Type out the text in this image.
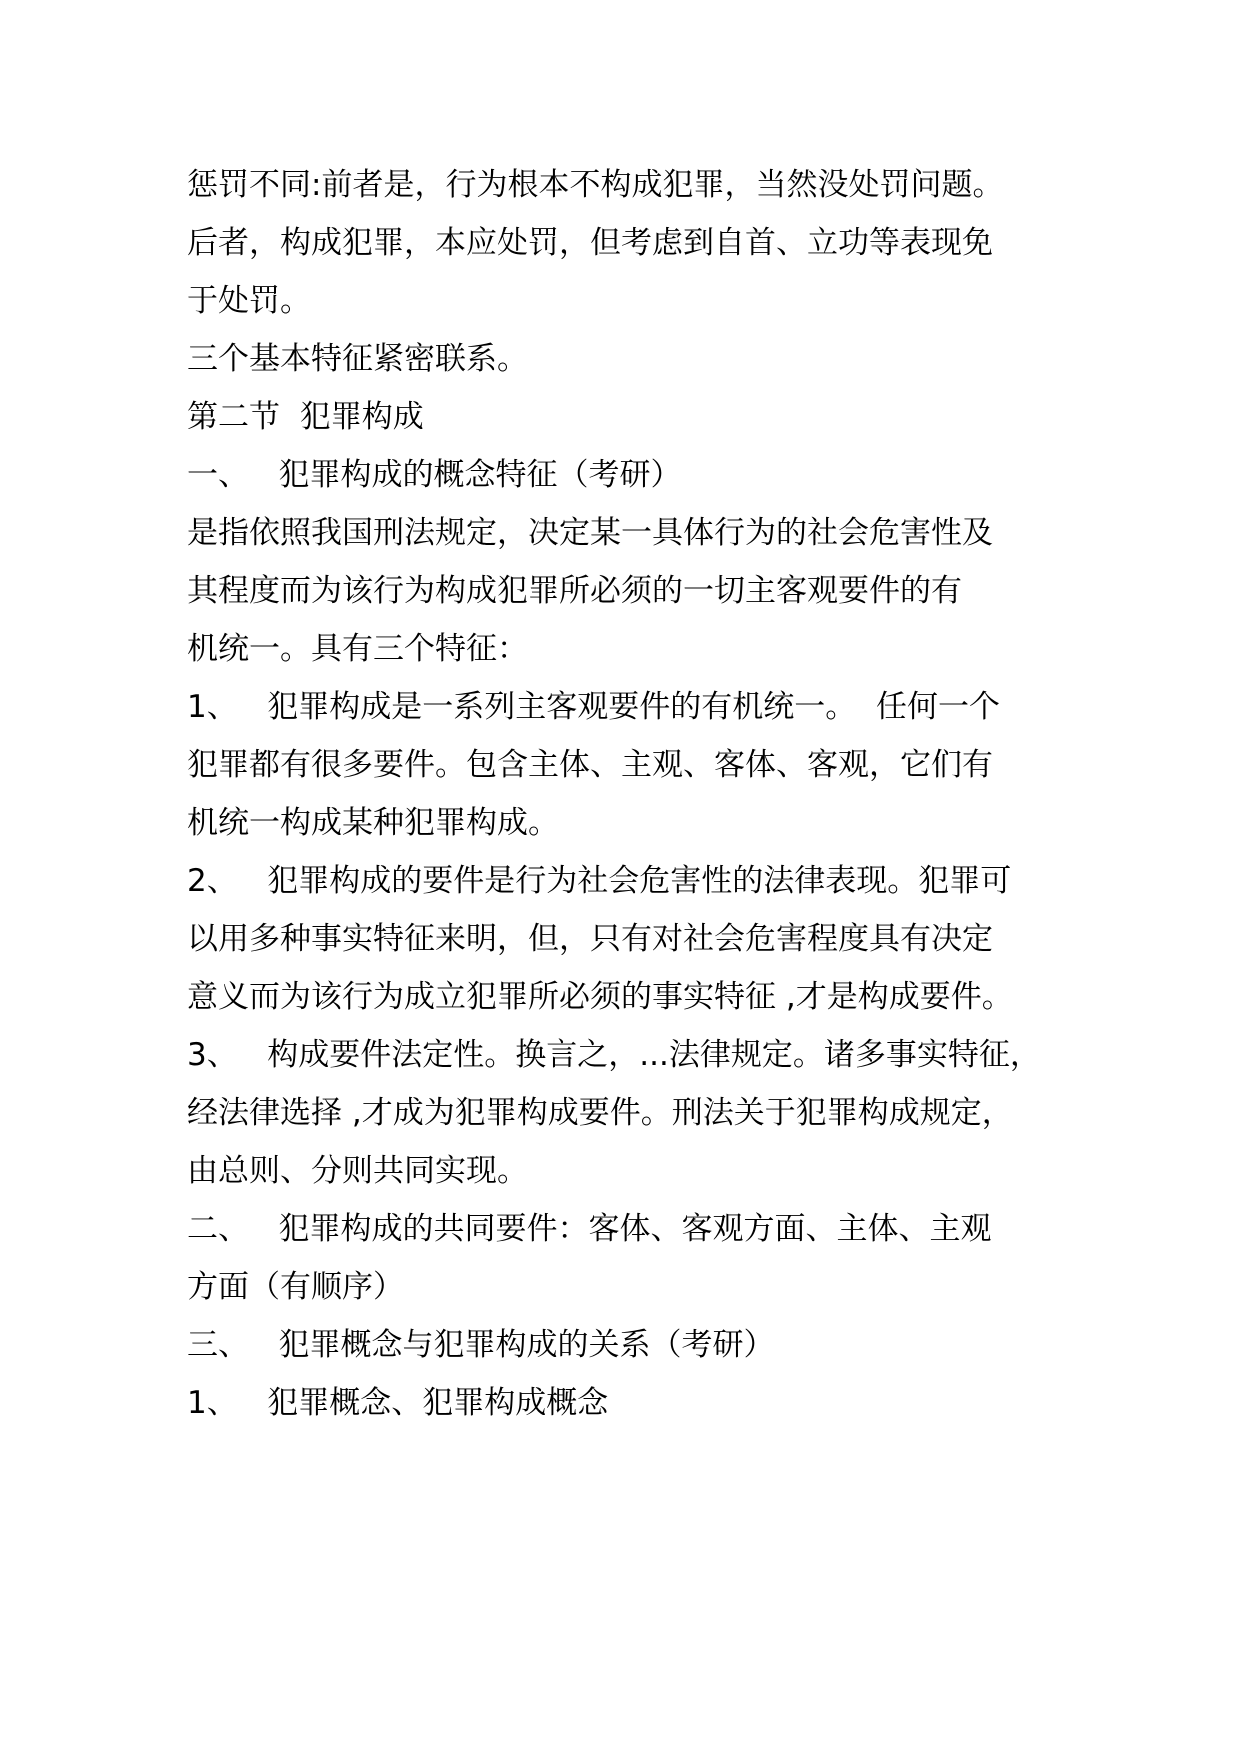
惩罚不同:前者是，行为根本不构成犯罪，当然没处罚问题。
后者，构成犯罪，本应处罚，但考虑到自首、立功等表现免
于处罚。
三个基本特征紧密联系。
第二节  犯罪构成
一、   犯罪构成的概念特征（考研）
是指依照我国刑法规定，决定某一具体行为的社会危害性及
其程度而为该行为构成犯罪所必须的一切主客观要件的有
机统一。具有三个特征：
1、   犯罪构成是一系列主客观要件的有机统一。  任何一个
犯罪都有很多要件。包含主体、主观、客体、客观，它们有
机统一构成某种犯罪构成。
2、   犯罪构成的要件是行为社会危害性的法律表现。犯罪可
以用多种事实特征来明，但，只有对社会危害程度具有决定
意义而为该行为成立犯罪所必须的事实特征 ,才是构成要件。
3、   构成要件法定性。换言之，...法律规定。诸多事实特征，
经法律选择 ,才成为犯罪构成要件。刑法关于犯罪构成规定，
由总则、分则共同实现。
二、   犯罪构成的共同要件：客体、客观方面、主体、主观
方面（有顺序）
三、   犯罪概念与犯罪构成的关系（考研）
1、   犯罪概念、犯罪构成概念
